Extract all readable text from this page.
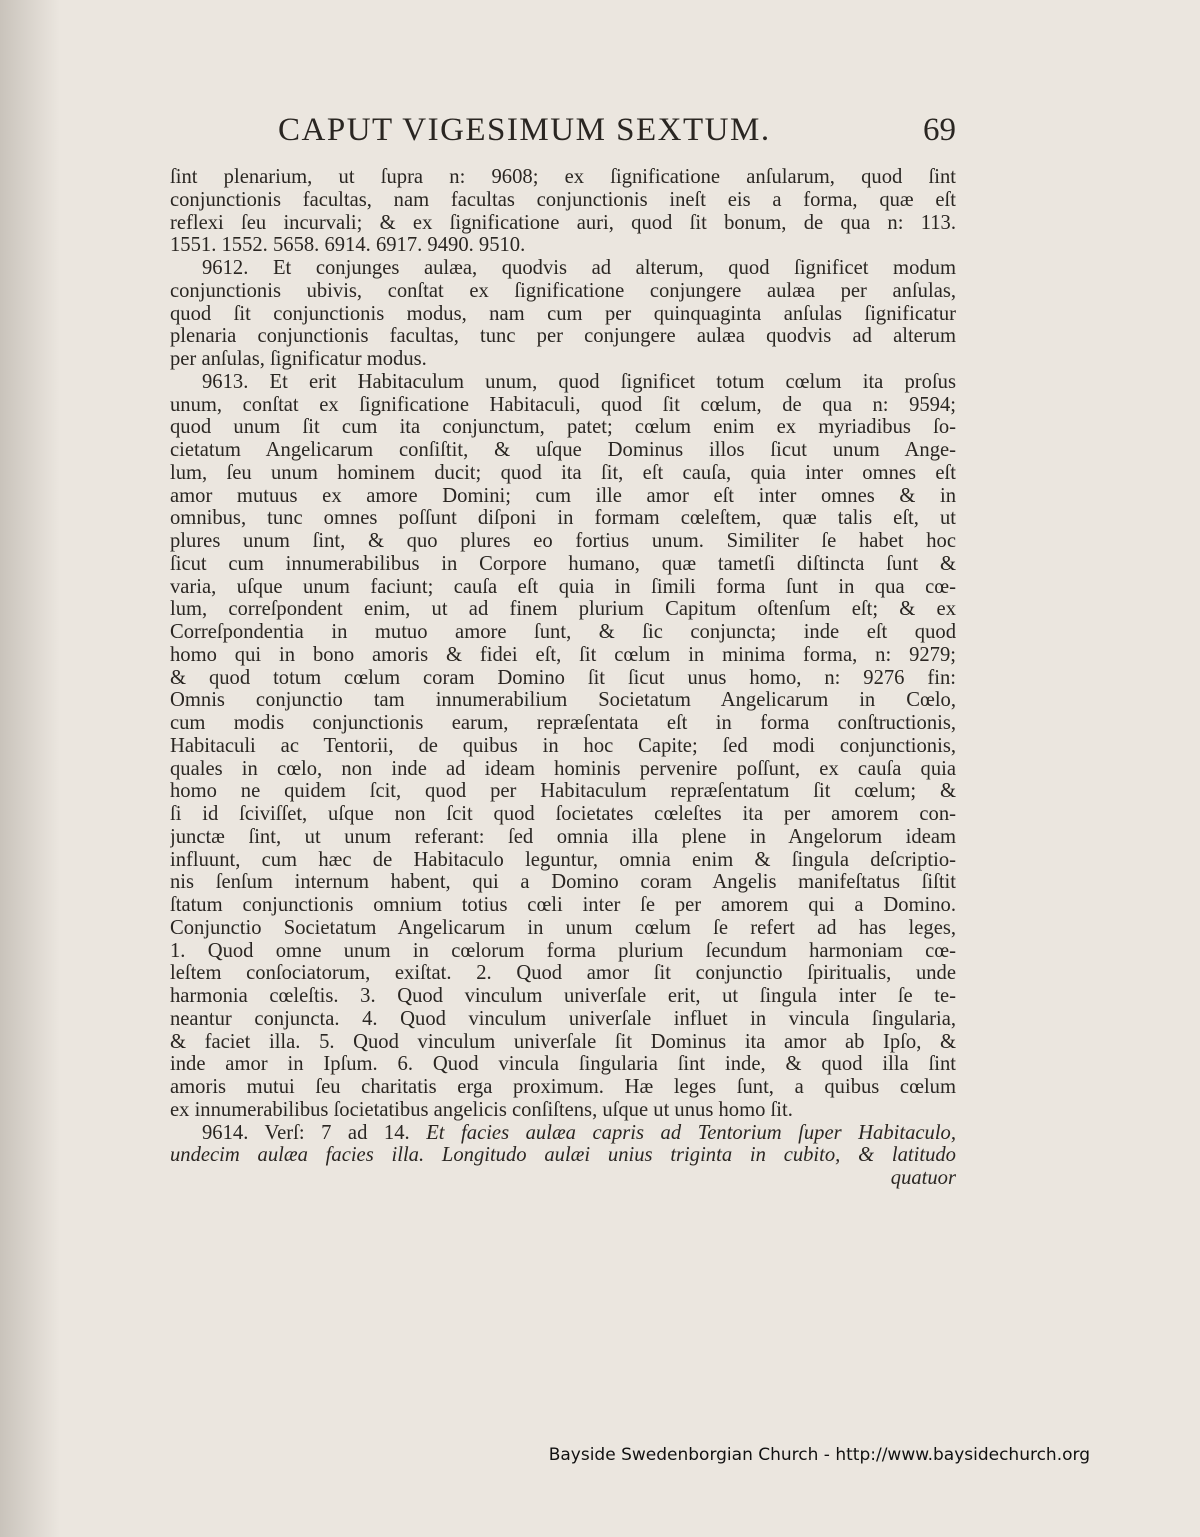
CAPUT VIGESIMUM SEXTUM.	69
ſint plenarium, ut ſupra n: 9608; ex ſignificatione anſularum, quod ſint
conjunctionis facultas, nam facultas conjunctionis ineſt eis a forma, quæ eſt
reflexi ſeu incurvali; & ex ſignificatione auri, quod ſit bonum, de qua n: 113.
1551. 1552. 5658. 6914. 6917. 9490. 9510.
9612. Et conjunges aulæa, quodvis ad alterum, quod ſignificet modum
conjunctionis ubivis, conſtat ex ſignificatione conjungere aulæa per anſulas,
quod ſit conjunctionis modus, nam cum per quinquaginta anſulas ſignificatur
plenaria conjunctionis facultas, tunc per conjungere aulæa quodvis ad alterum
per anſulas, ſignificatur modus.
9613. Et erit Habitaculum unum, quod ſignificet totum cœlum ita proſus
unum, conſtat ex ſignificatione Habitaculi, quod ſit cœlum, de qua n: 9594;
quod unum ſit cum ita conjunctum, patet; cœlum enim ex myriadibus ſo-
cietatum Angelicarum conſiſtit, & uſque Dominus illos ſicut unum Ange-
lum, ſeu unum hominem ducit; quod ita ſit, eſt cauſa, quia inter omnes eſt
amor mutuus ex amore Domini; cum ille amor eſt inter omnes & in
omnibus, tunc omnes poſſunt diſponi in formam cœleſtem, quæ talis eſt, ut
plures unum ſint, & quo plures eo fortius unum. Similiter ſe habet hoc
ſicut cum innumerabilibus in Corpore humano, quæ tametſi diſtincta ſunt &
varia, uſque unum faciunt; cauſa eſt quia in ſimili forma ſunt in qua cœ-
lum, correſpondent enim, ut ad finem plurium Capitum oſtenſum eſt; & ex
Correſpondentia in mutuo amore ſunt, & ſic conjuncta; inde eſt quod
homo qui in bono amoris & fidei eſt, ſit cœlum in minima forma, n: 9279;
& quod totum cœlum coram Domino ſit ſicut unus homo, n: 9276 fin:
Omnis conjunctio tam innumerabilium Societatum Angelicarum in Cœlo,
cum modis conjunctionis earum, repræſentata eſt in forma conſtructionis,
Habitaculi ac Tentorii, de quibus in hoc Capite; ſed modi conjunctionis,
quales in cœlo, non inde ad ideam hominis pervenire poſſunt, ex cauſa quia
homo ne quidem ſcit, quod per Habitaculum repræſentatum ſit cœlum; &
ſi id ſciviſſet, uſque non ſcit quod ſocietates cœleſtes ita per amorem con-
junctæ ſint, ut unum referant: ſed omnia illa plene in Angelorum ideam
influunt, cum hæc de Habitaculo leguntur, omnia enim & ſingula deſcriptio-
nis ſenſum internum habent, qui a Domino coram Angelis manifeſtatus ſiſtit
ſtatum conjunctionis omnium totius cœli inter ſe per amorem qui a Domino.
Conjunctio Societatum Angelicarum in unum cœlum ſe refert ad has leges,
1. Quod omne unum in cœlorum forma plurium ſecundum harmoniam cœ-
leſtem conſociatorum, exiſtat. 2. Quod amor ſit conjunctio ſpiritualis, unde
harmonia cœleſtis. 3. Quod vinculum univerſale erit, ut ſingula inter ſe te-
neantur conjuncta. 4. Quod vinculum univerſale influet in vincula ſingularia,
& faciet illa. 5. Quod vinculum univerſale ſit Dominus ita amor ab Ipſo, &
inde amor in Ipſum. 6. Quod vincula ſingularia ſint inde, & quod illa ſint
amoris mutui ſeu charitatis erga proximum. Hæ leges ſunt, a quibus cœlum
ex innumerabilibus ſocietatibus angelicis conſiſtens, uſque ut unus homo ſit.
9614. Verſ: 7 ad 14. Et facies aulæa capris ad Tentorium ſuper Habitaculo,
undecim aulæa facies illa. Longitudo aulæi unius triginta in cubito, & latitudo
quatuor
Bayside Swedenborgian Church - http://www.baysidechurch.org
